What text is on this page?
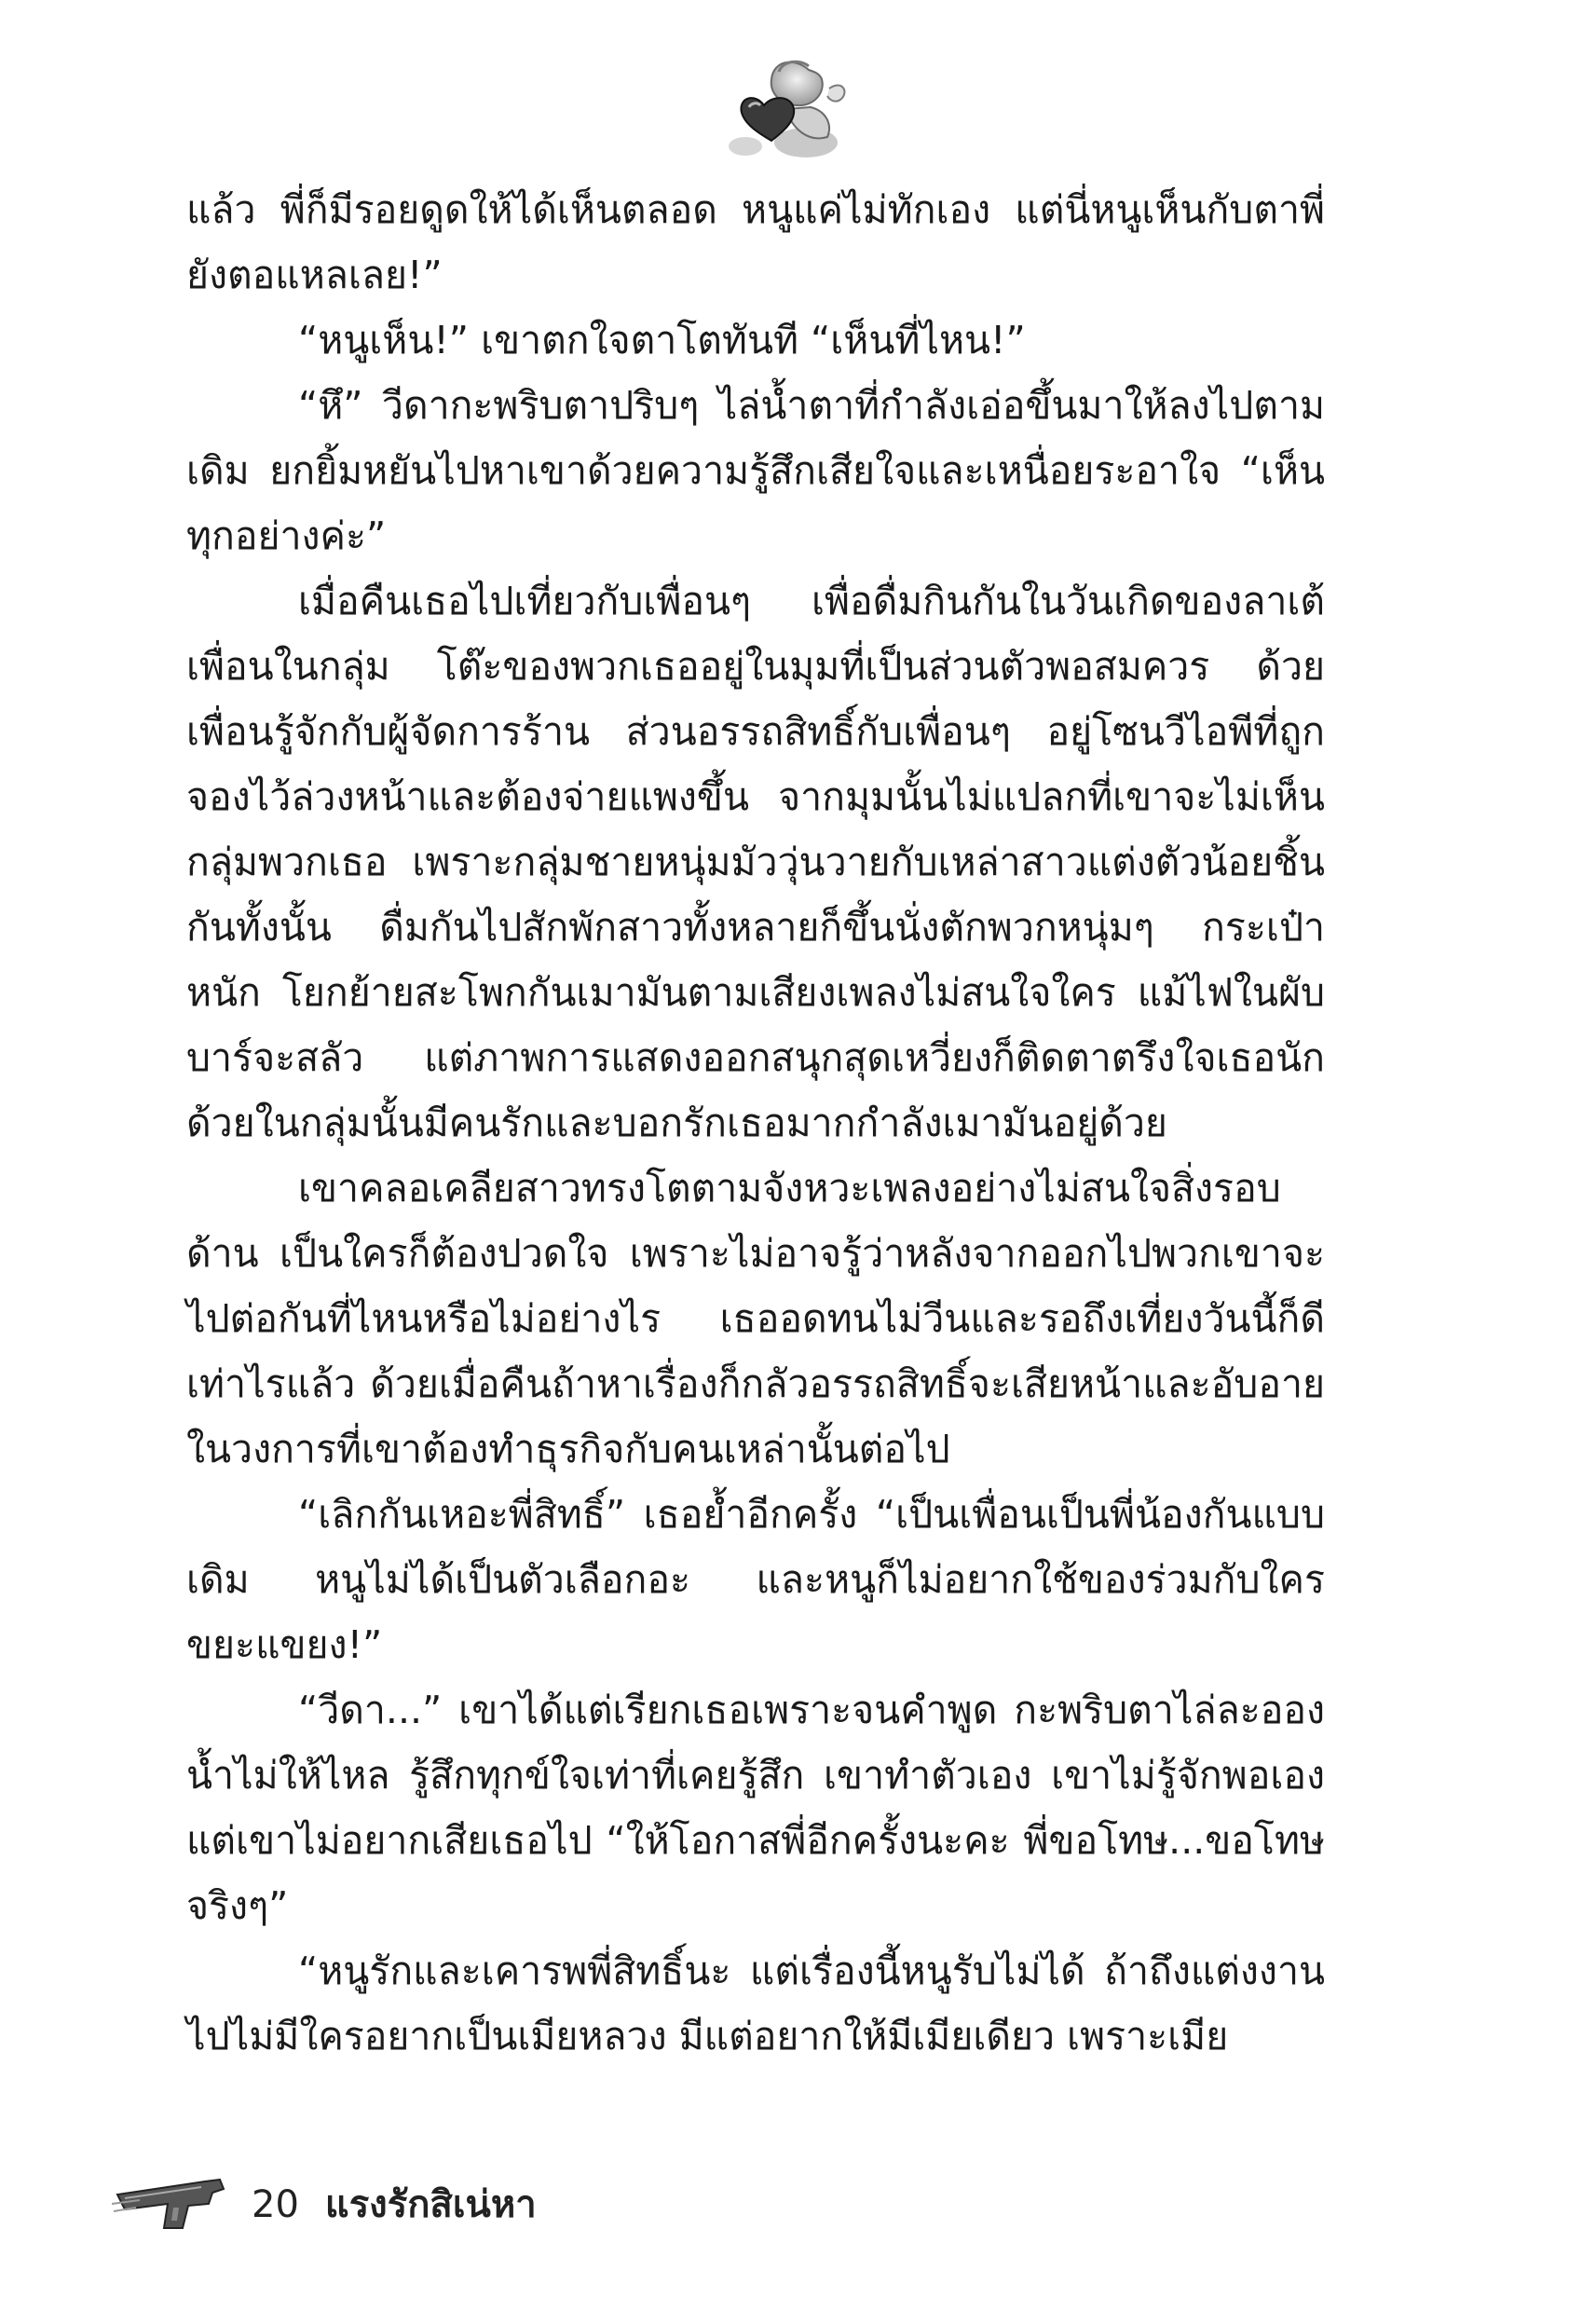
แล้ว พี่ก็มีรอยดูดให้ได้เห็นตลอด หนูแค่ไม่ทักเอง แต่นี่หนูเห็นกับตาพี่ยังตอแหลเลย!”

“หนูเห็น!” เขาตกใจตาโตทันที “เห็นที่ไหน!”

“หึ” วีดากะพริบตาปริบๆ ไล่น้ำตาที่กำลังเอ่อขึ้นมาให้ลงไปตามเดิม ยกยิ้มหยันไปหาเขาด้วยความรู้สึกเสียใจและเหนื่อยระอาใจ “เห็นทุกอย่างค่ะ”

เมื่อคืนเธอไปเที่ยวกับเพื่อนๆ เพื่อดื่มกินกันในวันเกิดของลาเต้ เพื่อนในกลุ่ม โต๊ะของพวกเธออยู่ในมุมที่เป็นส่วนตัวพอสมควร ด้วยเพื่อนรู้จักกับผู้จัดการร้าน ส่วนอรรถสิทธิ์กับเพื่อนๆ อยู่โซนวีไอพีที่ถูกจองไว้ล่วงหน้าและต้องจ่ายแพงขึ้น จากมุมนั้นไม่แปลกที่เขาจะไม่เห็นกลุ่มพวกเธอ เพราะกลุ่มชายหนุ่มมัววุ่นวายกับเหล่าสาวแต่งตัวน้อยชิ้นกันทั้งนั้น ดื่มกันไปสักพักสาวทั้งหลายก็ขึ้นนั่งตักพวกหนุ่มๆ กระเป๋าหนัก โยกย้ายสะโพกกันเมามันตามเสียงเพลงไม่สนใจใคร แม้ไฟในผับบาร์จะสลัว แต่ภาพการแสดงออกสนุกสุดเหวี่ยงก็ติดตาตรึงใจเธอนัก ด้วยในกลุ่มนั้นมีคนรักและบอกรักเธอมากกำลังเมามันอยู่ด้วย

เขาคลอเคลียสาวทรงโตตามจังหวะเพลงอย่างไม่สนใจสิ่งรอบด้าน เป็นใครก็ต้องปวดใจ เพราะไม่อาจรู้ว่าหลังจากออกไปพวกเขาจะไปต่อกันที่ไหนหรือไม่อย่างไร เธออดทนไม่วีนและรอถึงเที่ยงวันนี้ก็ดีเท่าไรแล้ว ด้วยเมื่อคืนถ้าหาเรื่องก็กลัวอรรถสิทธิ์จะเสียหน้าและอับอายในวงการที่เขาต้องทำธุรกิจกับคนเหล่านั้นต่อไป

“เลิกกันเหอะพี่สิทธิ์” เธอย้ำอีกครั้ง “เป็นเพื่อนเป็นพี่น้องกันแบบเดิม หนูไม่ได้เป็นตัวเลือกอะ และหนูก็ไม่อยากใช้ของร่วมกับใครขยะแขยง!”

“วีดา...” เขาได้แต่เรียกเธอเพราะจนคำพูด กะพริบตาไล่ละอองน้ำไม่ให้ไหล รู้สึกทุกข์ใจเท่าที่เคยรู้สึก เขาทำตัวเอง เขาไม่รู้จักพอเอง แต่เขาไม่อยากเสียเธอไป “ให้โอกาสพี่อีกครั้งนะคะ พี่ขอโทษ...ขอโทษจริงๆ”

“หนูรักและเคารพพี่สิทธิ์นะ แต่เรื่องนี้หนูรับไม่ได้ ถ้าถึงแต่งงานไปไม่มีใครอยากเป็นเมียหลวง มีแต่อยากให้มีเมียเดียว เพราะเมีย

20 แรงรักสิเน่หา
